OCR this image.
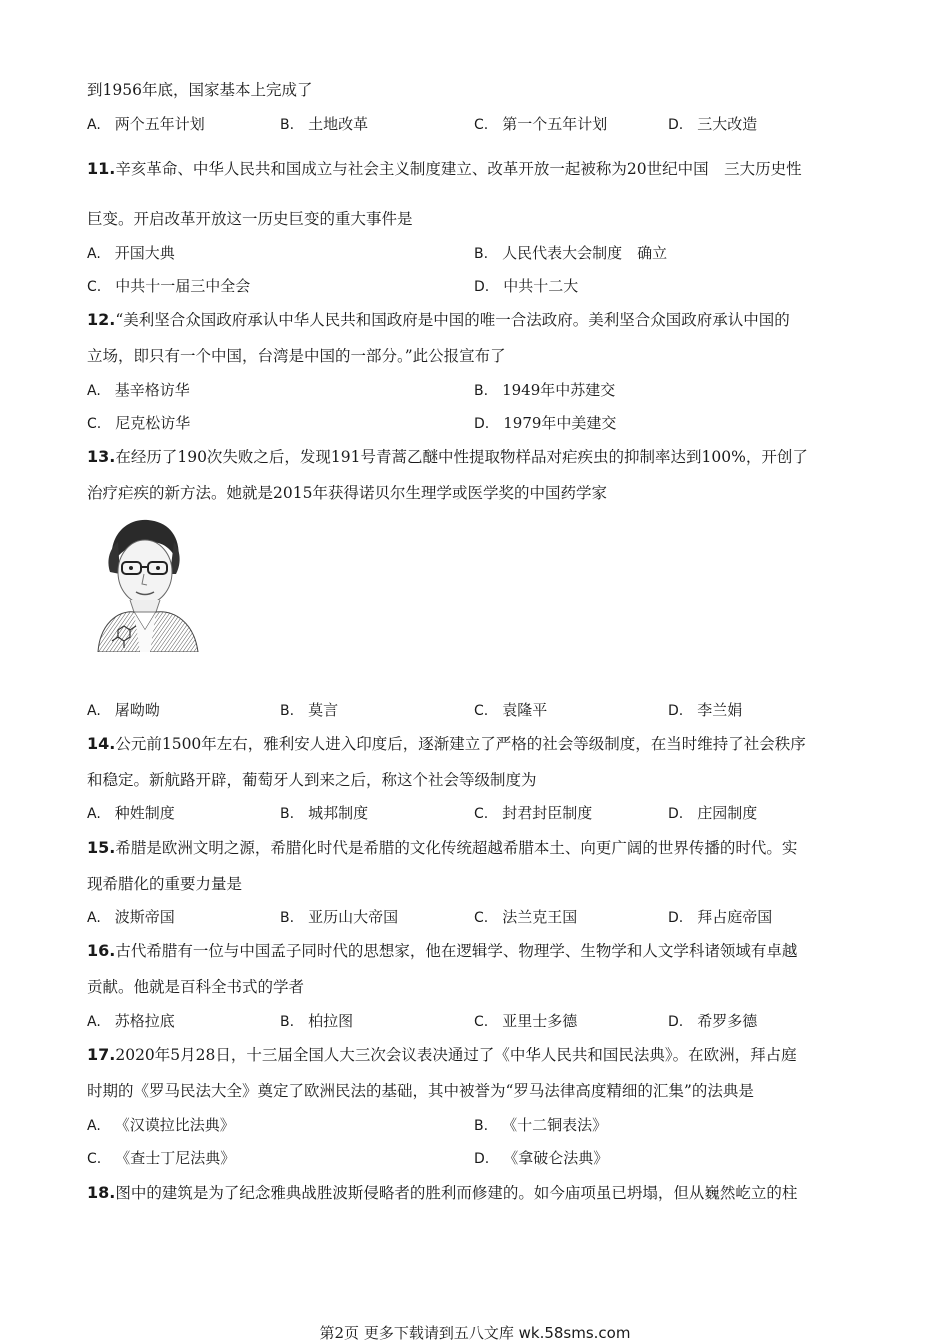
到1956年底，国家基本上完成了
A. 两个五年计划	B. 土地改革	C. 第一个五年计划	D. 三大改造
11.辛亥革命、中华人民共和国成立与社会主义制度建立、改革开放一起被称为20世纪中国　三大历史性
巨变。开启改革开放这一历史巨变的重大事件是
A. 开国大典	B. 人民代表大会制度　确立
C. 中共十一届三中全会	D. 中共十二大
12.“美利坚合众国政府承认中华人民共和国政府是中国的唯一合法政府。美利坚合众国政府承认中国的
立场，即只有一个中国，台湾是中国的一部分。”此公报宣布了
A. 基辛格访华	B. 1949年中苏建交
C. 尼克松访华	D. 1979年中美建交
13.在经历了190次失败之后，发现191号青蒿乙醚中性提取物样品对疟疾虫的抑制率达到100%，开创了
治疗疟疾的新方法。她就是2015年获得诺贝尔生理学或医学奖的中国药学家
A. 屠呦呦	B. 莫言	C. 袁隆平	D. 李兰娟
14.公元前1500年左右，雅利安人进入印度后，逐渐建立了严格的社会等级制度，在当时维持了社会秩序
和稳定。新航路开辟，葡萄牙人到来之后，称这个社会等级制度为
A. 种姓制度	B. 城邦制度	C. 封君封臣制度	D. 庄园制度
15.希腊是欧洲文明之源，希腊化时代是希腊的文化传统超越希腊本土、向更广阔的世界传播的时代。实
现希腊化的重要力量是
A. 波斯帝国	B. 亚历山大帝国	C. 法兰克王国	D. 拜占庭帝国
16.古代希腊有一位与中国孟子同时代的思想家，他在逻辑学、物理学、生物学和人文学科诸领域有卓越
贡献。他就是百科全书式的学者
A. 苏格拉底	B. 柏拉图	C. 亚里士多德	D. 希罗多德
17.2020年5月28日，十三届全国人大三次会议表决通过了《中华人民共和国民法典》。在欧洲，拜占庭
时期的《罗马民法大全》奠定了欧洲民法的基础，其中被誉为“罗马法律高度精细的汇集”的法典是
A. 《汉谟拉比法典》	B. 《十二铜表法》
C. 《查士丁尼法典》	D. 《拿破仑法典》
18.图中的建筑是为了纪念雅典战胜波斯侵略者的胜利而修建的。如今庙项虽已坍塌，但从巍然屹立的柱
第2页 更多下载请到五八文库 wk.58sms.com
